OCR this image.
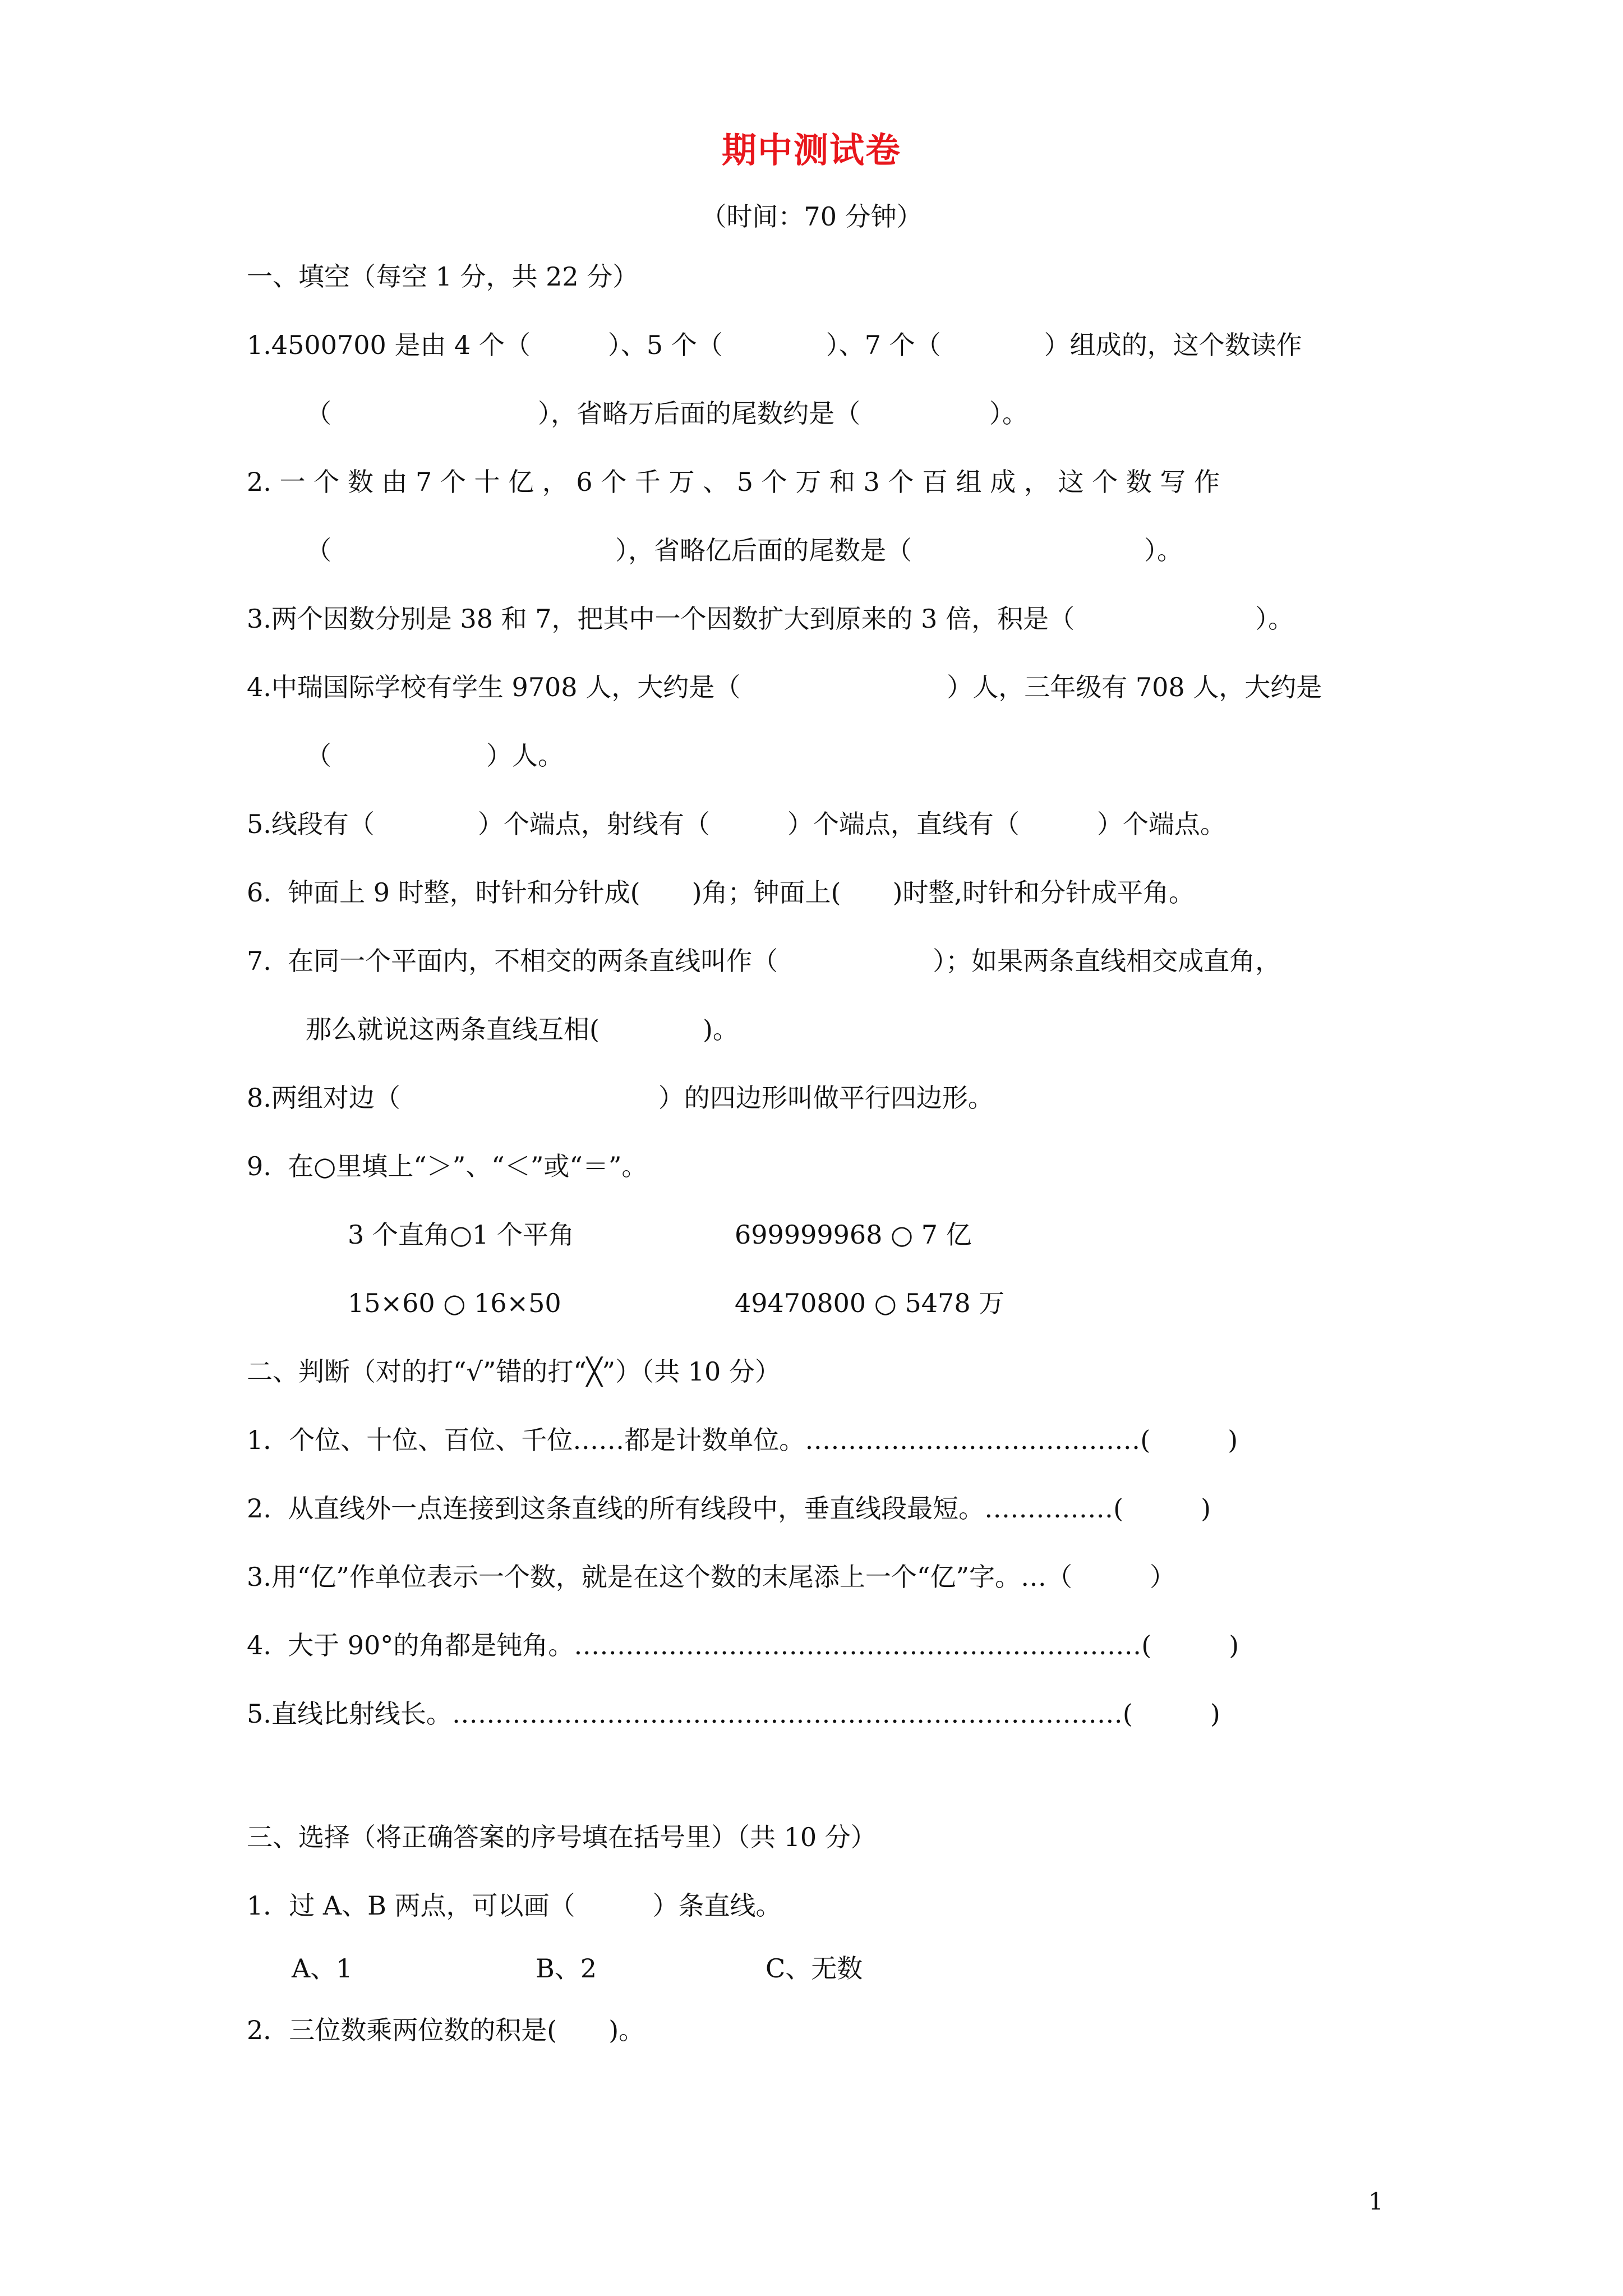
期中测试卷
（时间：70 分钟）
一、填空（每空 1 分，共 22 分）
1.4500700 是由 4 个（　　　）、5 个（　　　　）、7 个（　　　　）组成的，这个数读作
（　　　　　　　　），省略万后面的尾数约是（　　　　　）。
2. 一 个 数 由 7 个 十 亿 ， 6 个 千 万 、 5 个 万 和 3 个 百 组 成 ， 这 个 数 写 作
（　　　　　　　　　　　），省略亿后面的尾数是（　　　　　　　　　）。
3.两个因数分别是 38 和 7，把其中一个因数扩大到原来的 3 倍，积是（　　　　　　　）。
4.中瑞国际学校有学生 9708 人，大约是（　　　　　　　　）人，三年级有 708 人，大约是
（　　　　　　）人。
5.线段有（　　　　）个端点，射线有（　　　）个端点，直线有（　　　）个端点。
6.  钟面上 9 时整，时针和分针成(　　)角；钟面上(　　)时整,时针和分针成平角。
7.  在同一个平面内，不相交的两条直线叫作（　　　　　　）；如果两条直线相交成直角，
那么就说这两条直线互相(　　　　)。
8.两组对边（　　　　　　　　　　）的四边形叫做平行四边形。
9.  在○里填上“＞”、“＜”或“＝”。
3 个直角○1 个平角	699999968 ○ 7 亿
15×60 ○ 16×50	49470800 ○ 5478 万
二、判断（对的打“√”错的打“╳”）（共 10 分）
1．个位、十位、百位、千位……都是计数单位。…………………………………(　　　)
2.  从直线外一点连接到这条直线的所有线段中，垂直线段最短。……………(　　　)
3.用“亿”作单位表示一个数，就是在这个数的末尾添上一个“亿”字。…（　　　）
4.  大于 90°的角都是钝角。…………………………………………………………(　　　)
5.直线比射线长。……………………………………………………………………(　　　)
三、选择（将正确答案的序号填在括号里）（共 10 分）
1．过 A、B 两点，可以画（　　　）条直线。
A、1	B、2	C、无数
2．三位数乘两位数的积是(　　)。
1
